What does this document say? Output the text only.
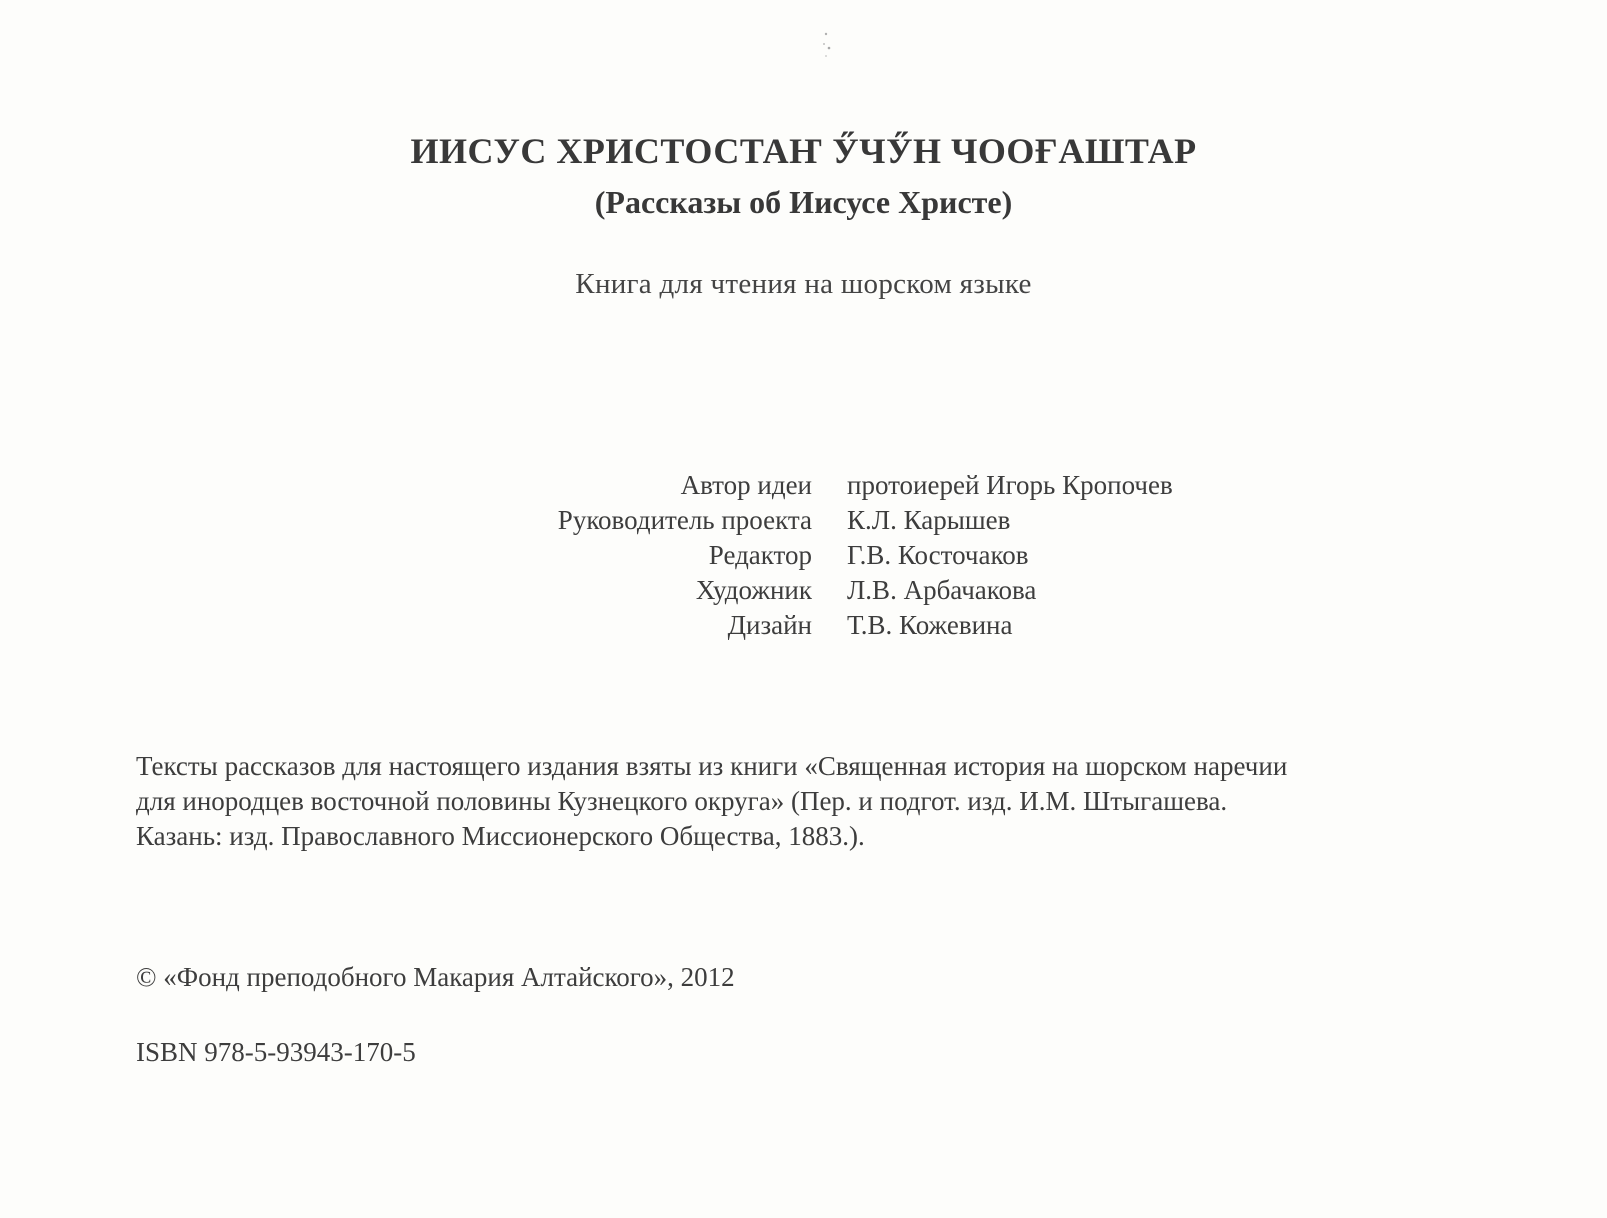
ИИСУС ХРИСТОСТАҤ ӲЧӲН ЧООҒАШТАР
(Рассказы об Иисусе Христе)

Книга для чтения на шорском языке

Автор идеи протоиерей Игорь Кропочев
Руководитель проекта К.Л. Карышев
Редактор Г.В. Косточаков
Художник Л.В. Арбачакова
Дизайн Т.В. Кожевина

Тексты рассказов для настоящего издания взяты из книги «Священная история на шорском наречии
для инородцев восточной половины Кузнецкого округа» (Пер. и подгот. изд. И.М. Штыгашева.
Казань: изд. Православного Миссионерского Общества, 1883.).

© «Фонд преподобного Макария Алтайского», 2012

ISBN 978-5-93943-170-5
